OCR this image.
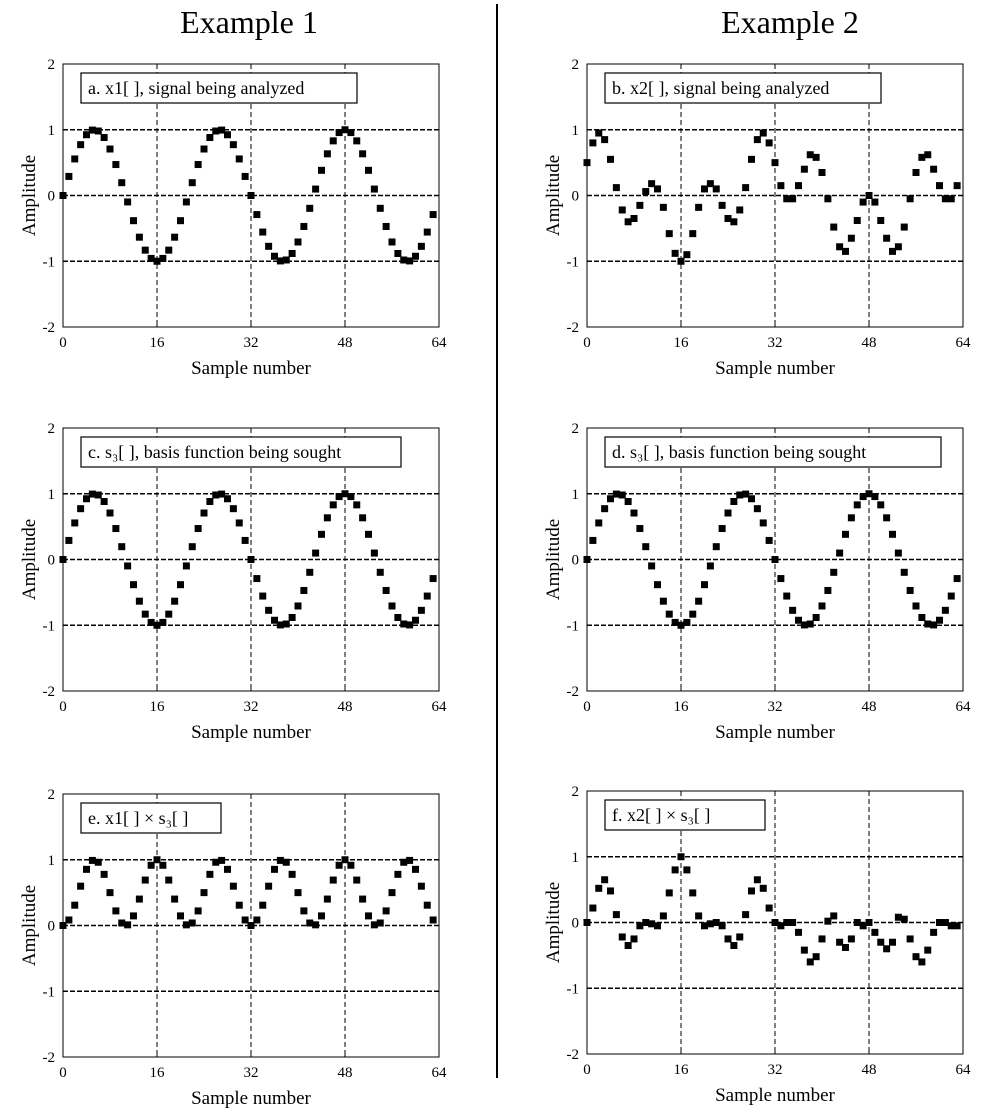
Example 1	Example 2
0	16	32	48	64
-2
-1
0
1
2
Sample number
Amplitude
a. x1[ ], signal being analyzed
0	16	32	48	64
-2
-1
0
1
2
Sample number
Amplitude
b. x2[ ], signal being analyzed
0	16	32	48	64
-2
-1
0
1
2
Sample number
Amplitude
c. s₃[ ], basis function being sought
0	16	32	48	64
-2
-1
0
1
2
Sample number
Amplitude
d. s₃[ ], basis function being sought
0	16	32	48	64
-2
-1
0
1
2
Sample number
Amplitude
e. x1[ ] × s₃[ ]
0	16	32	48	64
-2
-1
0
1
2
Sample number
Amplitude
f. x2[ ] × s₃[ ]
